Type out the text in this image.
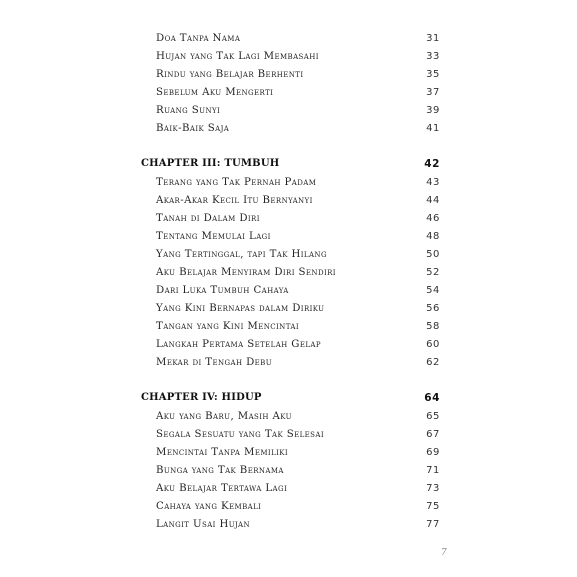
Doa Tanpa Nama	31
Hujan yang Tak Lagi Membasahi	33
Rindu yang Belajar Berhenti	35
Sebelum Aku Mengerti	37
Ruang Sunyi	39
Baik-Baik Saja	41
CHAPTER III: TUMBUH	42
Terang yang Tak Pernah Padam	43
Akar-Akar Kecil Itu Bernyanyi	44
Tanah di Dalam Diri	46
Tentang Memulai Lagi	48
Yang Tertinggal, tapi Tak Hilang	50
Aku Belajar Menyiram Diri Sendiri	52
Dari Luka Tumbuh Cahaya	54
Yang Kini Bernapas dalam Diriku	56
Tangan yang Kini Mencintai	58
Langkah Pertama Setelah Gelap	60
Mekar di Tengah Debu	62
CHAPTER IV: HIDUP	64
Aku yang Baru, Masih Aku	65
Segala Sesuatu yang Tak Selesai	67
Mencintai Tanpa Memiliki	69
Bunga yang Tak Bernama	71
Aku Belajar Tertawa Lagi	73
Cahaya yang Kembali	75
Langit Usai Hujan	77
7
